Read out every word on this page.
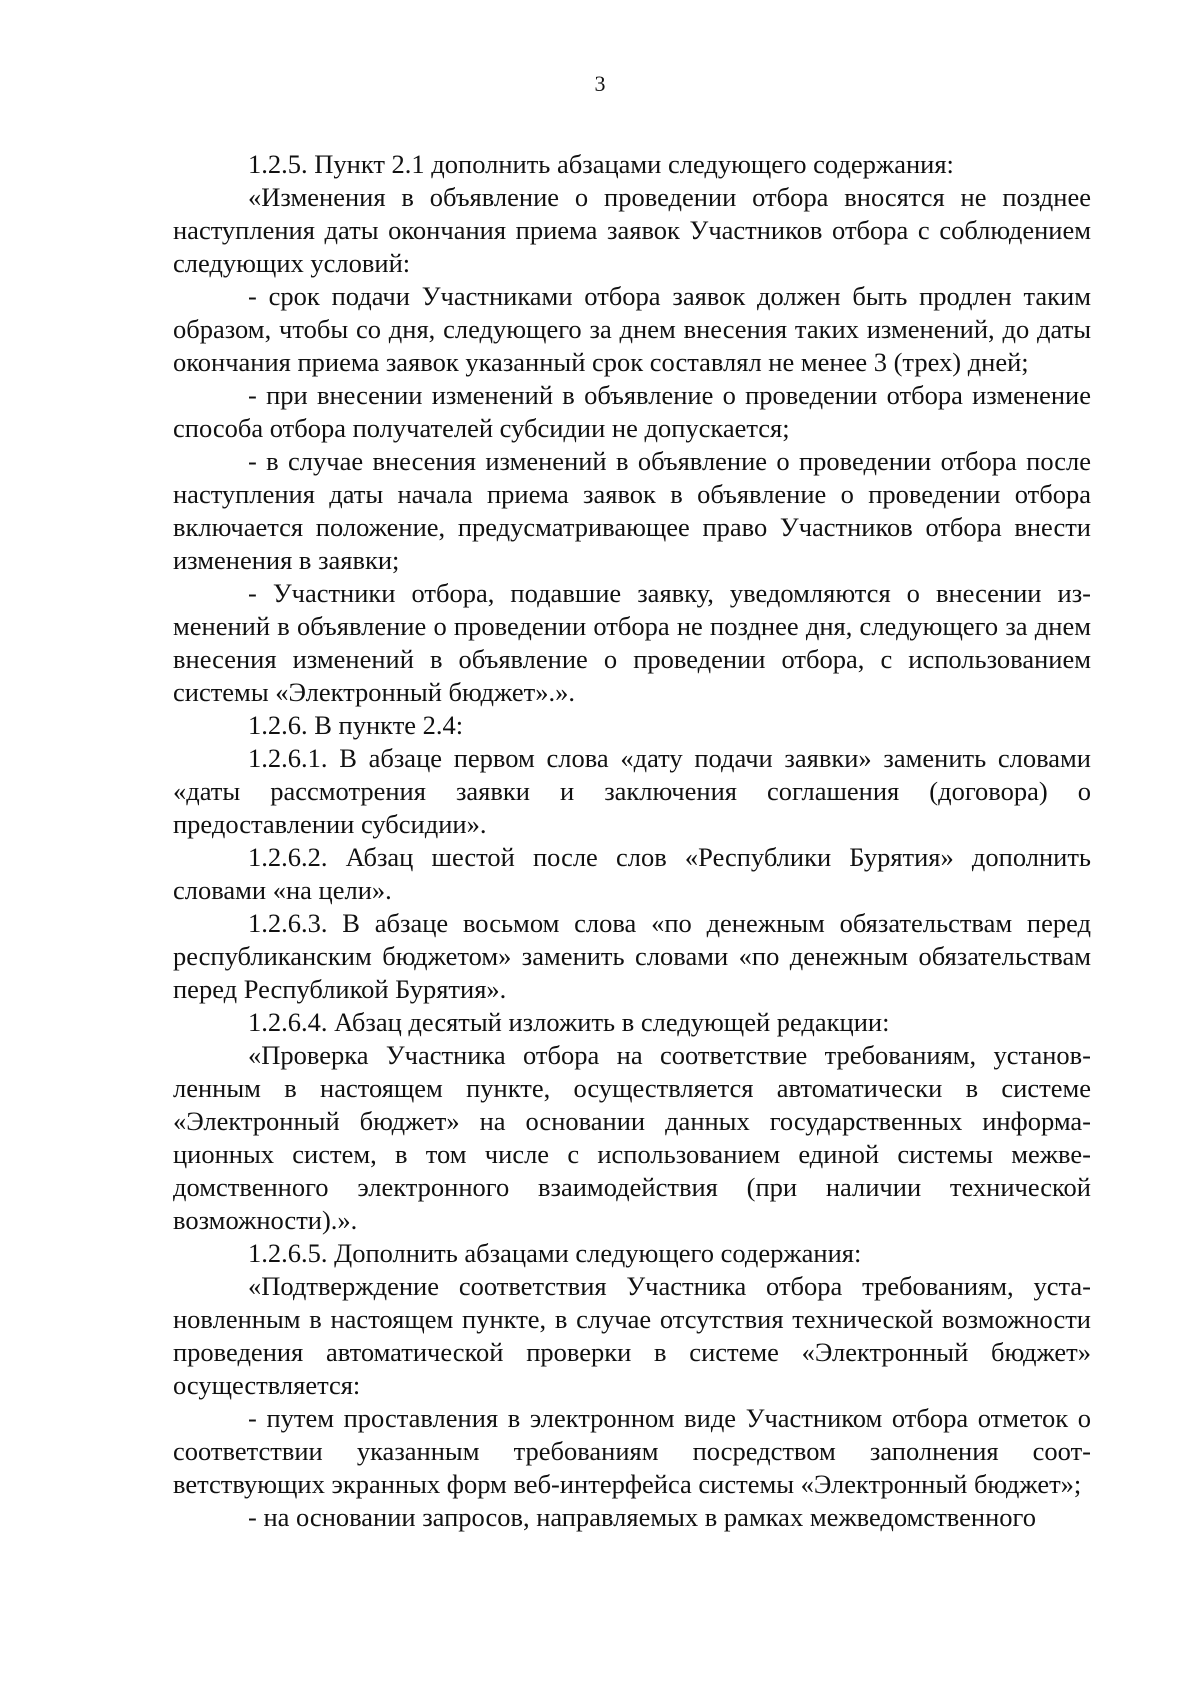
3

1.2.5. Пункт 2.1 дополнить абзацами следующего содержания:

«Изменения в объявление о проведении отбора вносятся не позднее наступления даты окончания приема заявок Участников отбора с соблюдением следующих условий:

- срок подачи Участниками отбора заявок должен быть продлен таким образом, чтобы со дня, следующего за днем внесения таких изменений, до даты окончания приема заявок указанный срок составлял не менее 3 (трех) дней;

- при внесении изменений в объявление о проведении отбора изменение способа отбора получателей субсидии не допускается;

- в случае внесения изменений в объявление о проведении отбора после наступления даты начала приема заявок в объявление о проведении отбора включается положение, предусматривающее право Участников отбора внести изменения в заявки;

- Участники отбора, подавшие заявку, уведомляются о внесении изменений в объявление о проведении отбора не позднее дня, следующего за днем внесения изменений в объявление о проведении отбора, с использованием системы «Электронный бюджет».».

1.2.6. В пункте 2.4:

1.2.6.1. В абзаце первом слова «дату подачи заявки» заменить словами «даты рассмотрения заявки и заключения соглашения (договора) о предоставлении субсидии».

1.2.6.2. Абзац шестой после слов «Республики Бурятия» дополнить словами «на цели».

1.2.6.3. В абзаце восьмом слова «по денежным обязательствам перед республиканским бюджетом» заменить словами «по денежным обязательствам перед Республикой Бурятия».

1.2.6.4. Абзац десятый изложить в следующей редакции:

«Проверка Участника отбора на соответствие требованиям, установленным в настоящем пункте, осуществляется автоматически в системе «Электронный бюджет» на основании данных государственных информационных систем, в том числе с использованием единой системы межведомственного электронного взаимодействия (при наличии технической возможности).».

1.2.6.5. Дополнить абзацами следующего содержания:

«Подтверждение соответствия Участника отбора требованиям, установленным в настоящем пункте, в случае отсутствия технической возможности проведения автоматической проверки в системе «Электронный бюджет» осуществляется:

- путем проставления в электронном виде Участником отбора отметок о соответствии указанным требованиям посредством заполнения соответствующих экранных форм веб-интерфейса системы «Электронный бюджет»;

- на основании запросов, направляемых в рамках межведомственного
